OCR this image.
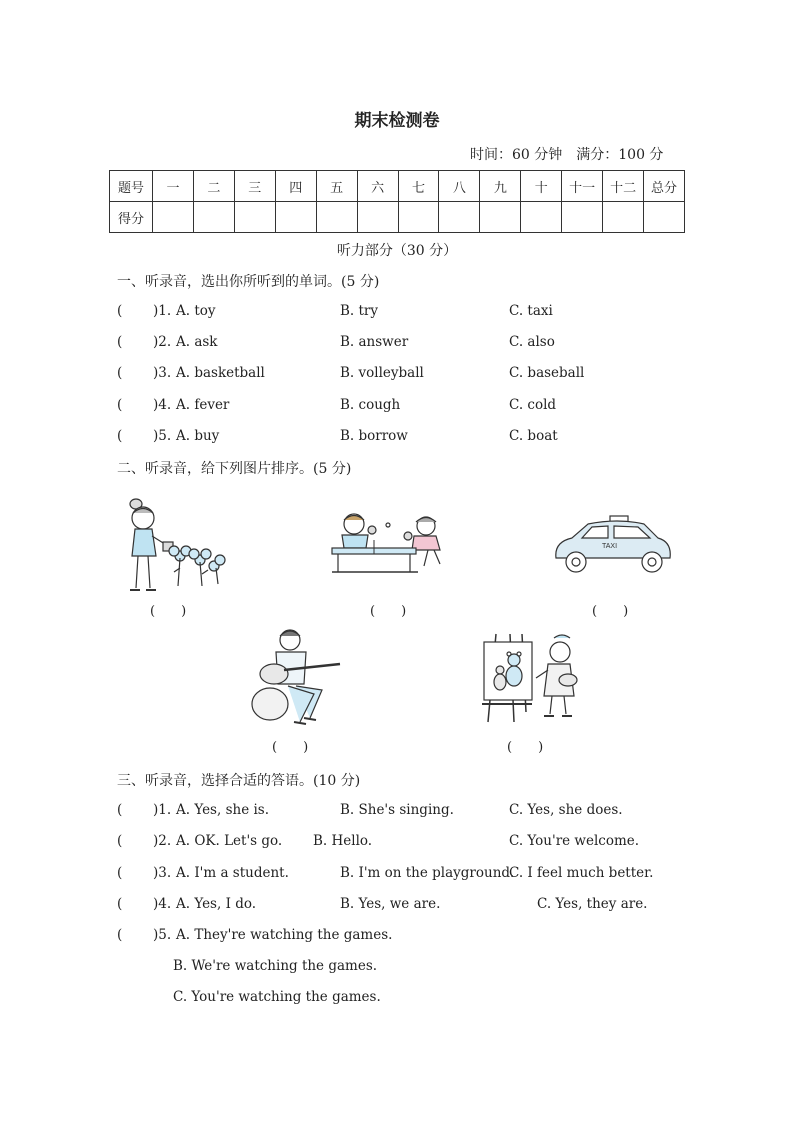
期末检测卷
时间：60 分钟　满分：100 分
题号	一	二	三	四	五	六	七	八	九	十	十一	十二	总分
得分													
听力部分（30 分）
一、听录音，选出你所听到的单词。(5 分)
( )1. A. toy	B. try	C. taxi
( )2. A. ask	B. answer	C. also
( )3. A. basketball	B. volleyball	C. baseball
( )4. A. fever	B. cough	C. cold
( )5. A. buy	B. borrow	C. boat
二、听录音，给下列图片排序。(5 分)
TAXI
(　　)	(　　)	(　　)
(　　)	(　　)
三、听录音，选择合适的答语。(10 分)
( )1. A. Yes, she is.	B. She's singing.	C. Yes, she does.
( )2. A. OK. Let's go. B. Hello.	C. You're welcome.
( )3. A. I'm a student.	B. I'm on the playground.
C. I feel much better.
( )4. A. Yes, I do.	B. Yes, we are.	C. Yes, they are.
( )5. A. They're watching the games.
B. We're watching the games.
C. You're watching the games.
